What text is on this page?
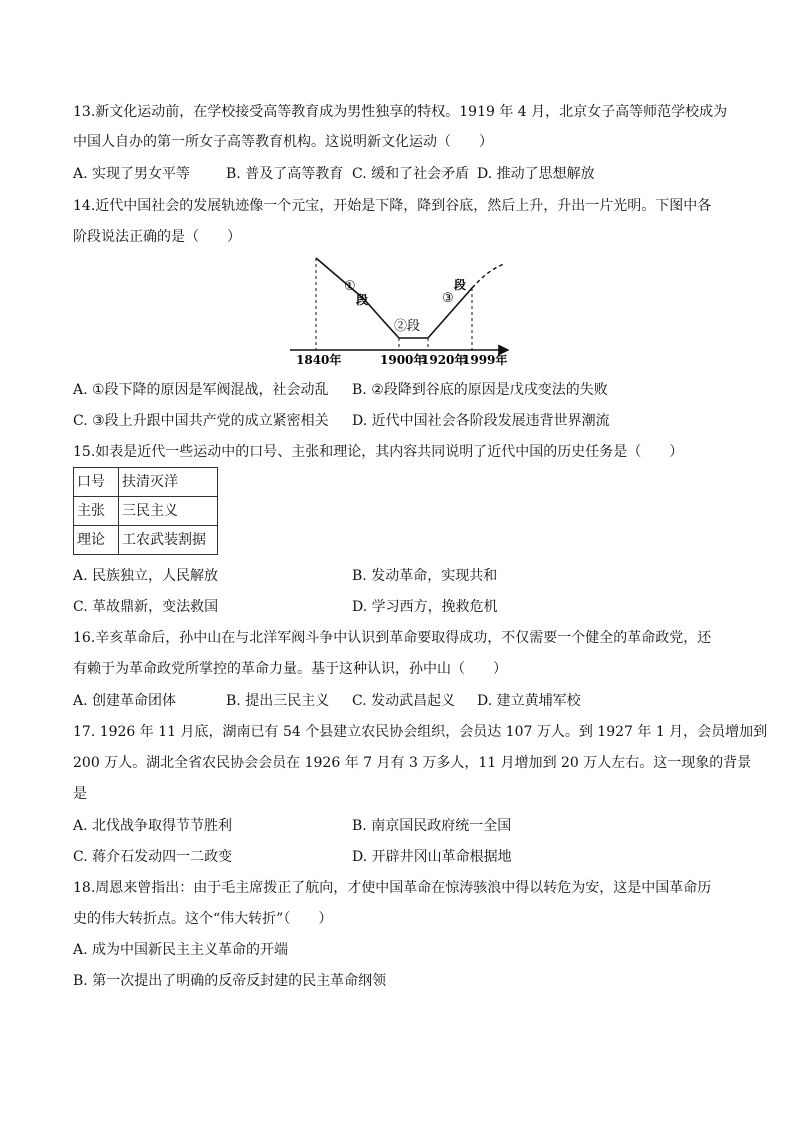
13.新文化运动前，在学校接受高等教育成为男性独享的特权。1919 年 4 月，北京女子高等师范学校成为
中国人自办的第一所女子高等教育机构。这说明新文化运动（　　）
A. 实现了男女平等	B. 普及了高等教育 C. 缓和了社会矛盾 D. 推动了思想解放
14.近代中国社会的发展轨迹像一个元宝，开始是下降，降到谷底，然后上升，升出一片光明。下图中各
阶段说法正确的是（　　）
①
段
②段
③
段
1840年	1900年
1920年
1999年
A. ①段下降的原因是军阀混战，社会动乱 B. ②段降到谷底的原因是戊戌变法的失败
C. ③段上升跟中国共产党的成立紧密相关 D. 近代中国社会各阶段发展违背世界潮流
15.如表是近代一些运动中的口号、主张和理论，其内容共同说明了近代中国的历史任务是（　　）
口号	扶清灭洋
主张	三民主义
理论	工农武装割据
A. 民族独立，人民解放	B. 发动革命，实现共和
C. 革故鼎新，变法救国	D. 学习西方，挽救危机
16.辛亥革命后，孙中山在与北洋军阀斗争中认识到革命要取得成功，不仅需要一个健全的革命政党，还
有赖于为革命政党所掌控的革命力量。基于这种认识，孙中山（　　）
A. 创建革命团体	B. 提出三民主义 C. 发动武昌起义 D. 建立黄埔军校
17. 1926 年 11 月底，湖南已有 54 个县建立农民协会组织，会员达 107 万人。到 1927 年 1 月，会员增加到
200 万人。湖北全省农民协会会员在 1926 年 7 月有 3 万多人，11 月增加到 20 万人左右。这一现象的背景
是
A. 北伐战争取得节节胜利	B. 南京国民政府统一全国
C. 蒋介石发动四一二政变	D. 开辟井冈山革命根据地
18.周恩来曾指出：由于毛主席拨正了航向，才使中国革命在惊涛骇浪中得以转危为安，这是中国革命历
史的伟大转折点。这个“伟大转折”（　　）
A. 成为中国新民主主义革命的开端
B. 第一次提出了明确的反帝反封建的民主革命纲领
